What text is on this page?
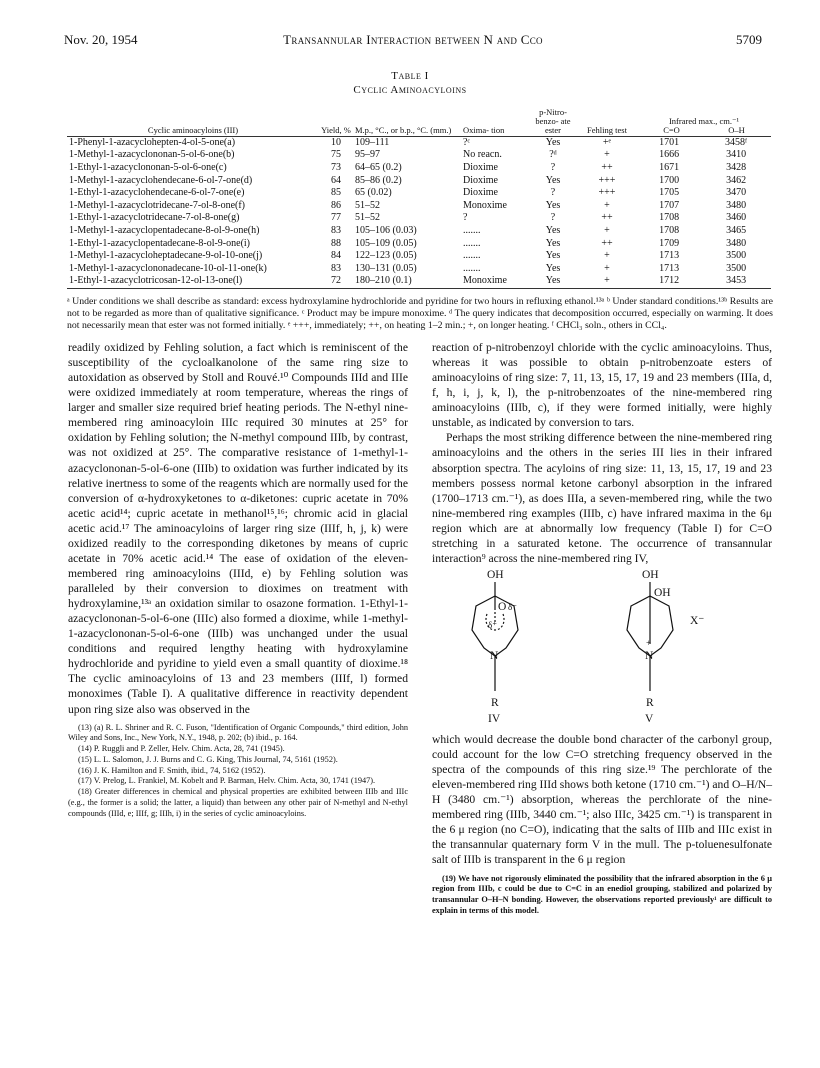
Nov. 20, 1954	Transannular Interaction between N and Cco	5709
Table I
Cyclic Aminoacyloins
Cyclic aminoacyloins (III)	Yield, %	M.p., °C., or b.p., °C. (mm.)	Oxima- tion	p-Nitro- benzo- ate ester	Fehling test	Infrared max., cm.⁻¹
C=O O–H	

1-Phenyl-1-azacyclohepten-4-ol-5-one(a)	10	109–111	?ᶜ	Yes	+ᵉ	1701	3458ᶠ
1-Methyl-1-azacyclononan-5-ol-6-one(b)	75	95–97	No reacn.	?ᵈ	+	1666	3410
1-Ethyl-1-azacyclononan-5-ol-6-one(c)	73	64–65 (0.2)	Dioxime	?	++	1671	3428
1-Methyl-1-azacyclohendecane-6-ol-7-one(d)	64	85–86 (0.2)	Dioxime	Yes	+++	1700	3462
1-Ethyl-1-azacyclohendecane-6-ol-7-one(e)	85	65 (0.02)	Dioxime	?	+++	1705	3470
1-Methyl-1-azacyclotridecane-7-ol-8-one(f)	86	51–52	Monoxime	Yes	+	1707	3480
1-Ethyl-1-azacyclotridecane-7-ol-8-one(g)	77	51–52	?	?	++	1708	3460
1-Methyl-1-azacyclopentadecane-8-ol-9-one(h)	83	105–106 (0.03)	.......	Yes	+	1708	3465
1-Ethyl-1-azacyclopentadecane-8-ol-9-one(i)	88	105–109 (0.05)	.......	Yes	++	1709	3480
1-Methyl-1-azacycloheptadecane-9-ol-10-one(j)	84	122–123 (0.05)	.......	Yes	+	1713	3500
1-Methyl-1-azacyclononadecane-10-ol-11-one(k)	83	130–131 (0.05)	.......	Yes	+	1713	3500
1-Ethyl-1-azacyclotricosan-12-ol-13-one(l)	72	180–210 (0.1)	Monoxime	Yes	+	1712	3453
ᵃ Under conditions we shall describe as standard: excess hydroxylamine hydrochloride and pyridine for two hours in refluxing ethanol.¹³ᵃ ᵇ Under standard conditions.¹³ᵇ Results are not to be regarded as more than of qualitative significance. ᶜ Product may be impure monoxime. ᵈ The query indicates that decomposition occurred, especially on warming. It does not necessarily mean that ester was not formed initially. ᵉ +++, immediately; ++, on heating 1–2 min.; +, on longer heating. ᶠ CHCl₃ soln., others in CCl₄.

readily oxidized by Fehling solution, a fact which is reminiscent of the susceptibility of the cycloalkanolone of the same ring size to autoxidation as observed by Stoll and Rouvé.¹⁰ Compounds IIId and IIIe were oxidized immediately at room temperature, whereas the rings of larger and smaller size required brief heating periods. The N-ethyl nine-membered ring aminoacyloin IIIc required 30 minutes at 25° for oxidation by Fehling solution; the N-methyl compound IIIb, by contrast, was not oxidized at 25°. The comparative resistance of 1-methyl-1-azacyclononan-5-ol-6-one (IIIb) to oxidation was further indicated by its relative inertness to some of the reagents which are normally used for the conversion of α-hydroxyketones to α-diketones: cupric acetate in 70% acetic acid¹⁴; cupric acetate in methanol¹⁵,¹⁶; chromic acid in glacial acetic acid.¹⁷ The aminoacyloins of larger ring size (IIIf, h, j, k) were oxidized readily to the corresponding diketones by means of cupric acetate in 70% acetic acid.¹⁴ The ease of oxidation of the eleven-membered ring aminoacyloins (IIId, e) by Fehling solution was paralleled by their conversion to dioximes on treatment with hydroxylamine,¹³ᵃ an oxidation similar to osazone formation. 1-Ethyl-1-azacyclononan-5-ol-6-one (IIIc) also formed a dioxime, while 1-methyl-1-azacyclononan-5-ol-6-one (IIIb) was unchanged under the usual conditions and required lengthy heating with hydroxylamine hydrochloride and pyridine to yield even a small quantity of dioxime.¹⁸ The cyclic aminoacyloins of 13 and 23 members (IIIf, l) formed monoximes (Table I). A qualitative difference in reactivity dependent upon ring size also was observed in the

(13) (a) R. L. Shriner and R. C. Fuson, "Identification of Organic Compounds," third edition, John Wiley and Sons, Inc., New York, N.Y., 1948, p. 202; (b) ibid., p. 164.
(14) P. Ruggli and P. Zeller, Helv. Chim. Acta, 28, 741 (1945).
(15) L. L. Salomon, J. J. Burns and C. G. King, This Journal, 74, 5161 (1952).
(16) J. K. Hamilton and F. Smith, ibid., 74, 5162 (1952).
(17) V. Prelog, L. Frankiel, M. Kobelt and P. Barman, Helv. Chim. Acta, 30, 1741 (1947).
(18) Greater differences in chemical and physical properties are exhibited between IIIb and IIIc (e.g., the former is a solid; the latter, a liquid) than between any other pair of N-methyl and N-ethyl compounds (IIId, e; IIIf, g; IIIh, i) in the series of cyclic aminoacyloins.

reaction of p-nitrobenzoyl chloride with the cyclic aminoacyloins. Thus, whereas it was possible to obtain p-nitrobenzoate esters of aminoacyloins of ring size: 7, 11, 13, 15, 17, 19 and 23 members (IIIa, d, f, h, i, j, k, l), the p-nitrobenzoates of the nine-membered ring aminoacyloins (IIIb, c), if they were formed initially, were highly unstable, as indicated by conversion to tars.

Perhaps the most striking difference between the nine-membered ring aminoacyloins and the others in the series III lies in their infrared absorption spectra. The acyloins of ring size: 11, 13, 15, 17, 19 and 23 members possess normal ketone carbonyl absorption in the infrared (1700–1713 cm.⁻¹), as does IIIa, a seven-membered ring, while the two nine-membered ring examples (IIIb, c) have infrared maxima in the 6μ region which are at abnormally low frequency (Table I) for C=O stretching in a saturated ketone. The occurrence of transannular interaction⁹ across the nine-membered ring IV,

OH
O δ⁻
δ⁺
N
R
IV
OH
OH
N
+
R
V
X⁻

which would decrease the double bond character of the carbonyl group, could account for the low C=O stretching frequency observed in the spectra of the compounds of this ring size.¹⁹ The perchlorate of the eleven-membered ring IIId shows both ketone (1710 cm.⁻¹) and O–H/N–H (3480 cm.⁻¹) absorption, whereas the perchlorate of the nine-membered ring (IIIb, 3440 cm.⁻¹; also IIIc, 3425 cm.⁻¹) is transparent in the 6 μ region (no C=O), indicating that the salts of IIIb and IIIc exist in the transannular quaternary form V in the mull. The p-toluenesulfonate salt of IIIb is transparent in the 6 μ region

(19) We have not rigorously eliminated the possibility that the infrared absorption in the 6 μ region from IIIb, c could be due to C=C in an enediol grouping, stabilized and polarized by transannular O–H–N bonding. However, the observations reported previously¹ are difficult to explain in terms of this model.
